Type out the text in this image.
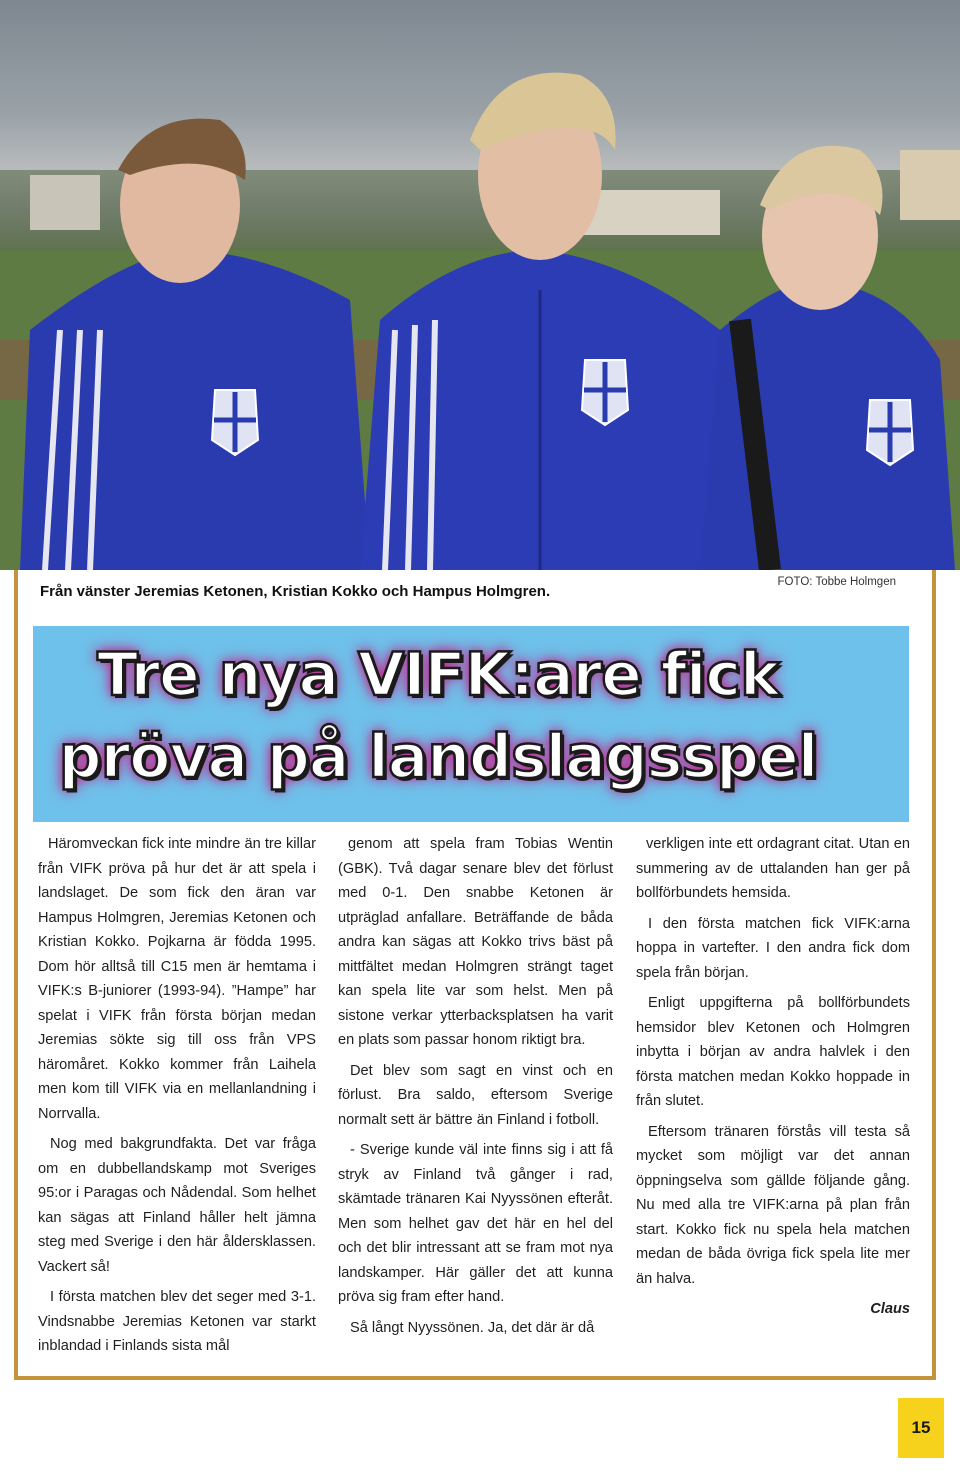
Från vänster Jeremias Ketonen, Kristian Kokko och Hampus Holmgren.
FOTO: Tobbe Holmgen
Tre nya VIFK:are fick
pröva på landslagsspel

Häromveckan fick inte mindre än tre killar från VIFK pröva på hur det är att spela i landslaget. De som fick den äran var Hampus Holmgren, Jeremias Ketonen och Kristian Kokko. Pojkarna är födda 1995. Dom hör alltså till C15 men är hemtama i VIFK:s B-juniorer (1993-94). ”Hampe” har spelat i VIFK från första början medan Jeremias sökte sig till oss från VPS häromåret. Kokko kommer från Laihela men kom till VIFK via en mellanlandning i Norrvalla.

Nog med bakgrundfakta. Det var fråga om en dubbellandskamp mot Sveriges 95:or i Paragas och Nådendal. Som helhet kan sägas att Finland håller helt jämna steg med Sverige i den här åldersklassen. Vackert så!

I första matchen blev det seger med 3-1. Vindsnabbe Jeremias Ketonen var starkt inblandad i Finlands sista mål

genom att spela fram Tobias Wentin (GBK). Två dagar senare blev det förlust med 0-1. Den snabbe Ketonen är utpräglad anfallare. Beträffande de båda andra kan sägas att Kokko trivs bäst på mittfältet medan Holmgren strängt taget kan spela lite var som helst. Men på sistone verkar ytterbacksplatsen ha varit en plats som passar honom riktigt bra.

Det blev som sagt en vinst och en förlust. Bra saldo, eftersom Sverige normalt sett är bättre än Finland i fotboll.

- Sverige kunde väl inte finns sig i att få stryk av Finland två gånger i rad, skämtade tränaren Kai Nyyssönen efteråt. Men som helhet gav det här en hel del och det blir intressant att se fram mot nya landskamper. Här gäller det att kunna pröva sig fram efter hand.

Så långt Nyyssönen. Ja, det där är då

verkligen inte ett ordagrant citat. Utan en summering av de uttalanden han ger på bollförbundets hemsida.

I den första matchen fick VIFK:arna hoppa in vartefter. I den andra fick dom spela från början.

Enligt uppgifterna på bollförbundets hemsidor blev Ketonen och Holmgren inbytta i början av andra halvlek i den första matchen medan Kokko hoppade in från slutet.

Eftersom tränaren förstås vill testa så mycket som möjligt var det annan öppningselva som gällde följande gång. Nu med alla tre VIFK:arna på plan från start. Kokko fick nu spela hela matchen medan de båda övriga fick spela lite mer än halva.

Claus
15
